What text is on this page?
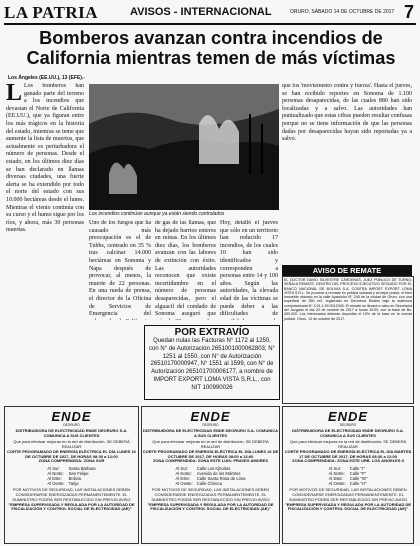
LA PATRIA	AVISOS - INTERNACIONAL	ORURO, SÁBADO 14 DE OCTUBRE DE 2017 7
Bomberos avanzan contra incendios de California mientras temen de más víctimas
Los Ángeles (EE.UU.), 13 (EFE).-
L Los bomberos han ganado parte del terreno a los incendios que devastan el Norte de California (EE.UU.), que ya figuran entre los más trágicos en la historia del estado, mientras se teme que aumente la lista de muertos, que actualmente es perturbadora el número de personas. Desde el estado, en los últimos diez días se han declarado en llamas diversas ciudades, una fuerte alerta se ha extendido por todo el norte del estado con sus 10.000 hectáreas desde el lunes. Mientras el viento continúa con su curso y el humo sigue por los ríos, y ahora, más 30 personas muertas.
Los incendios continúan aunque ya están siendo controlados
Uno de los fuegos que ha causado más preocupación es el de Tubbs, centrado en 35 % tras calcinar 14.000 hectáreas en Sonoma y Napa después de provocar, al menos, la muerte de 22 personas. En una rueda de prensa, el director de la Oficina de Servicios de Emergencia del
de gas de las llamas, que ha dejado barrios enteros en ruinas. En los últimos diez días, los bomberos avanzan con las labores de extinción con éxito. Las autoridades reconocen que existe incertidumbre en el número de personas desaparecidas, pero el alguacil del condado de Sonoma aseguró que
Hoy, detalló el jueves que sólo en un territorio han reducido 17 incendios, de los cuales 10 han sido identificados y corresponden a personas entre 14 y 100 años. Según las autoridades, la elevada edad de las víctimas se puede deber a las dificultades de
que los 'moviemento contra y fuerza'. Hasta el jueves, se han recibido reportes en Sonoma de 1.100 personas desaparecidas, de las cuales 880 han sido localizadas y a salvo. Las autoridades han puntualizado que estas cifras pueden resultar confusas porque no se tiene información de que las personas dadas por desaparecidas hayan sido reportadas ya a salvo.
POR EXTRAVÍO
Quedan nulas las Facturas N° 1172 al 1250, con N° de Autorización 2651001000062803; N° 1251 al 1550, con N° de Autorización 26510170000947, N° 1551 al 1599, con N° de Autorización 265101700006177, a nombre de IMPORT EXPORT LOMA VISTA S.R.L., con NIT 100990026
AVISO DE REMATE
EL DOCTOR DAVID SILVESTRE CÁRDENAS, JUEZ PÚBLICO DE TURNO; SEÑALA REMATE, DENTRO DEL PROCESO EJECUTIVO SEGUIDO POR EL BANCO NACIONAL DE BOLIVIA S.A. CONTRA IMPORT EXPORT LOMA VISTA S.R.L. Se procede a rematar en pública subasta y al mejor postor, el bien inmueble ubicado en la calle Ayacucho N° 245 de la ciudad de Oruro, con una superficie de 350 m2, registrado en Derechos Reales bajo la matrícula computarizada N° 4.01.1.99.0012345. El remate se llevará a cabo en Secretaría del Juzgado el día 20 de octubre de 2017 a horas 10:00, con la base de Bs. 450.000. Los interesados deberán depositar el 10% de la base en la cuenta judicial. Oruro, 13 de octubre de 2017.
ENDE
DEORURO
DISTRIBUIDORA DE ELECTRICIDAD ENDE DEORURO S.A. COMUNICA A SUS CLIENTES
Que para efectuar mejoras en la red de distribución, SE DEBERÁ REALIZAR
CORTE PROGRAMADO DE ENERGÍA ELÉCTRICA EL DÍA LUNES 16 DE OCTUBRE DE 2017, DE HORAS 08:30 a 12:00
ZONA COMPRENDIDA: ZONA SUR
Al Sur:	Santa Bárbara
Al Norte:	San Felipe
Al Este:	Bolivia
Al Oeste:	Tarija
POR MOTIVOS DE SEGURIDAD, LAS INSTALACIONES DEBEN CONSIDERARSE ENERGIZADAS PERMANENTEMENTE. EL SUMINISTRO PODRÁ SER RESTABLECIDO SIN PREVIO AVISO
"EMPRESA SUPERVISADA Y REGULADA POR LA AUTORIDAD DE FISCALIZACIÓN Y CONTROL SOCIAL DE ELECTRICIDAD (AE)"
ENDE
DEORURO
DISTRIBUIDORA DE ELECTRICIDAD ENDE DEORURO S.A. COMUNICA A SUS CLIENTES
Que para efectuar mejoras en la red de distribución, SE DEBERÁ REALIZAR
CORTE PROGRAMADO DE ENERGÍA ELÉCTRICA EL DÍA LUNES 16 DE OCTUBRE DE 2017, DE HORAS 08:00 a 13:00
ZONA COMPRENDIDA: ZONA ESTE LUIS: PRAVES AMORES
Al Sur:	Calle Los Kjhuitos
Al Norte:	Avenida de los Mártires
Al Este:	Calle Santa Rosa de Lima
Al Oeste:	Calle Chiroca
POR MOTIVOS DE SEGURIDAD, LAS INSTALACIONES DEBEN CONSIDERARSE ENERGIZADAS PERMANENTEMENTE. EL SUMINISTRO PODRÁ SER RESTABLECIDO SIN PREVIO AVISO
"EMPRESA SUPERVISADA Y REGULADA POR LA AUTORIDAD DE FISCALIZACIÓN Y CONTROL SOCIAL DE ELECTRICIDAD (AE)"
ENDE
DEORURO
DISTRIBUIDORA DE ELECTRICIDAD ENDE DEORURO S.A. COMUNICA A SUS CLIENTES
Que para efectuar mejoras en la red de distribución, SE DEBERÁ REALIZAR
CORTE PROGRAMADO DE ENERGÍA ELÉCTRICA EL DÍA MARTES 17 DE OCTUBRE DE 2017, DE HORAS 08:30 a 12:00
ZONA COMPRENDIDA: ZONA ESTE URB. LOS ÁNGELES II
Al Sur:	Calle "I"
Al Norte:	Calle "F"
Al Este:	Calle "W"
Al Oeste:	Calle "H"
POR MOTIVOS DE SEGURIDAD, LAS INSTALACIONES DEBEN CONSIDERARSE ENERGIZADAS PERMANENTEMENTE. EL SUMINISTRO PODRÁ SER RESTABLECIDO SIN PREVIO AVISO
"EMPRESA SUPERVISADA Y REGULADA POR LA AUTORIDAD DE FISCALIZACIÓN Y CONTROL SOCIAL DE ELECTRICIDAD (AE)"
